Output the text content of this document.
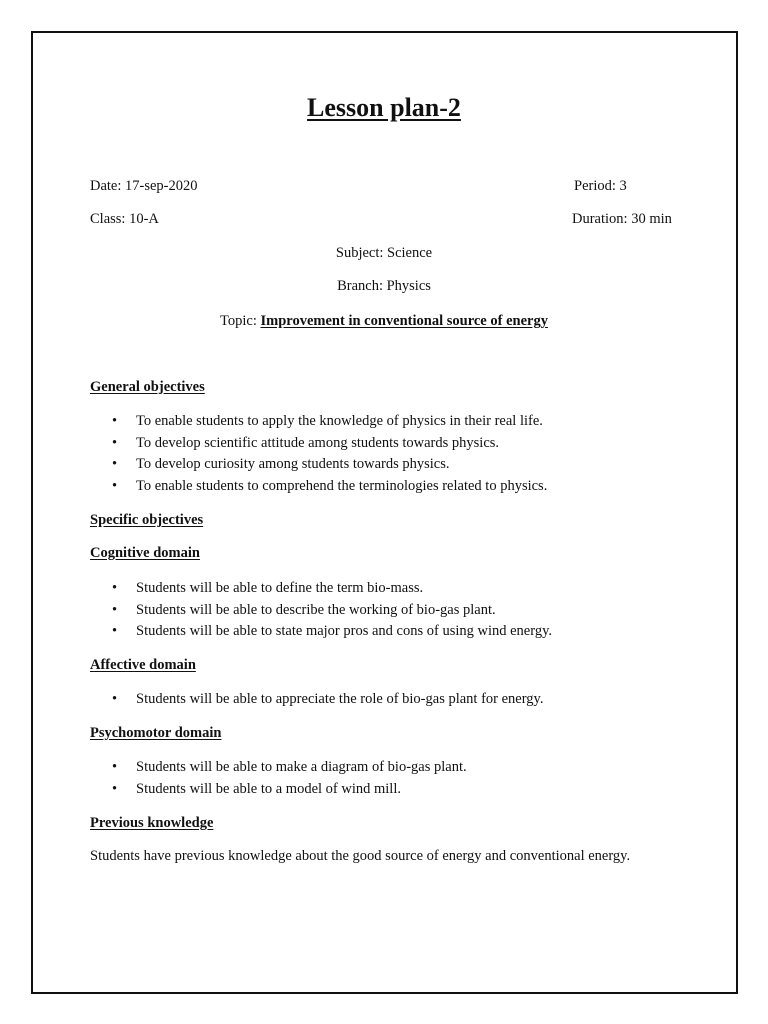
Lesson plan-2
Date: 17-sep-2020	Period: 3
Class: 10-A	Duration: 30 min
Subject: Science
Branch: Physics
Topic: Improvement in conventional source of energy
General objectives
• To enable students to apply the knowledge of physics in their real life.
• To develop scientific attitude among students towards physics.
• To develop curiosity among students towards physics.
• To enable students to comprehend the terminologies related to physics.
Specific objectives
Cognitive domain
• Students will be able to define the term bio-mass.
• Students will be able to describe the working of bio-gas plant.
• Students will be able to state major pros and cons of using wind energy.
Affective domain
• Students will be able to appreciate the role of bio-gas plant for energy.
Psychomotor domain
• Students will be able to make a diagram of bio-gas plant.
• Students will be able to a model of wind mill.
Previous knowledge
Students have previous knowledge about the good source of energy and conventional energy.
